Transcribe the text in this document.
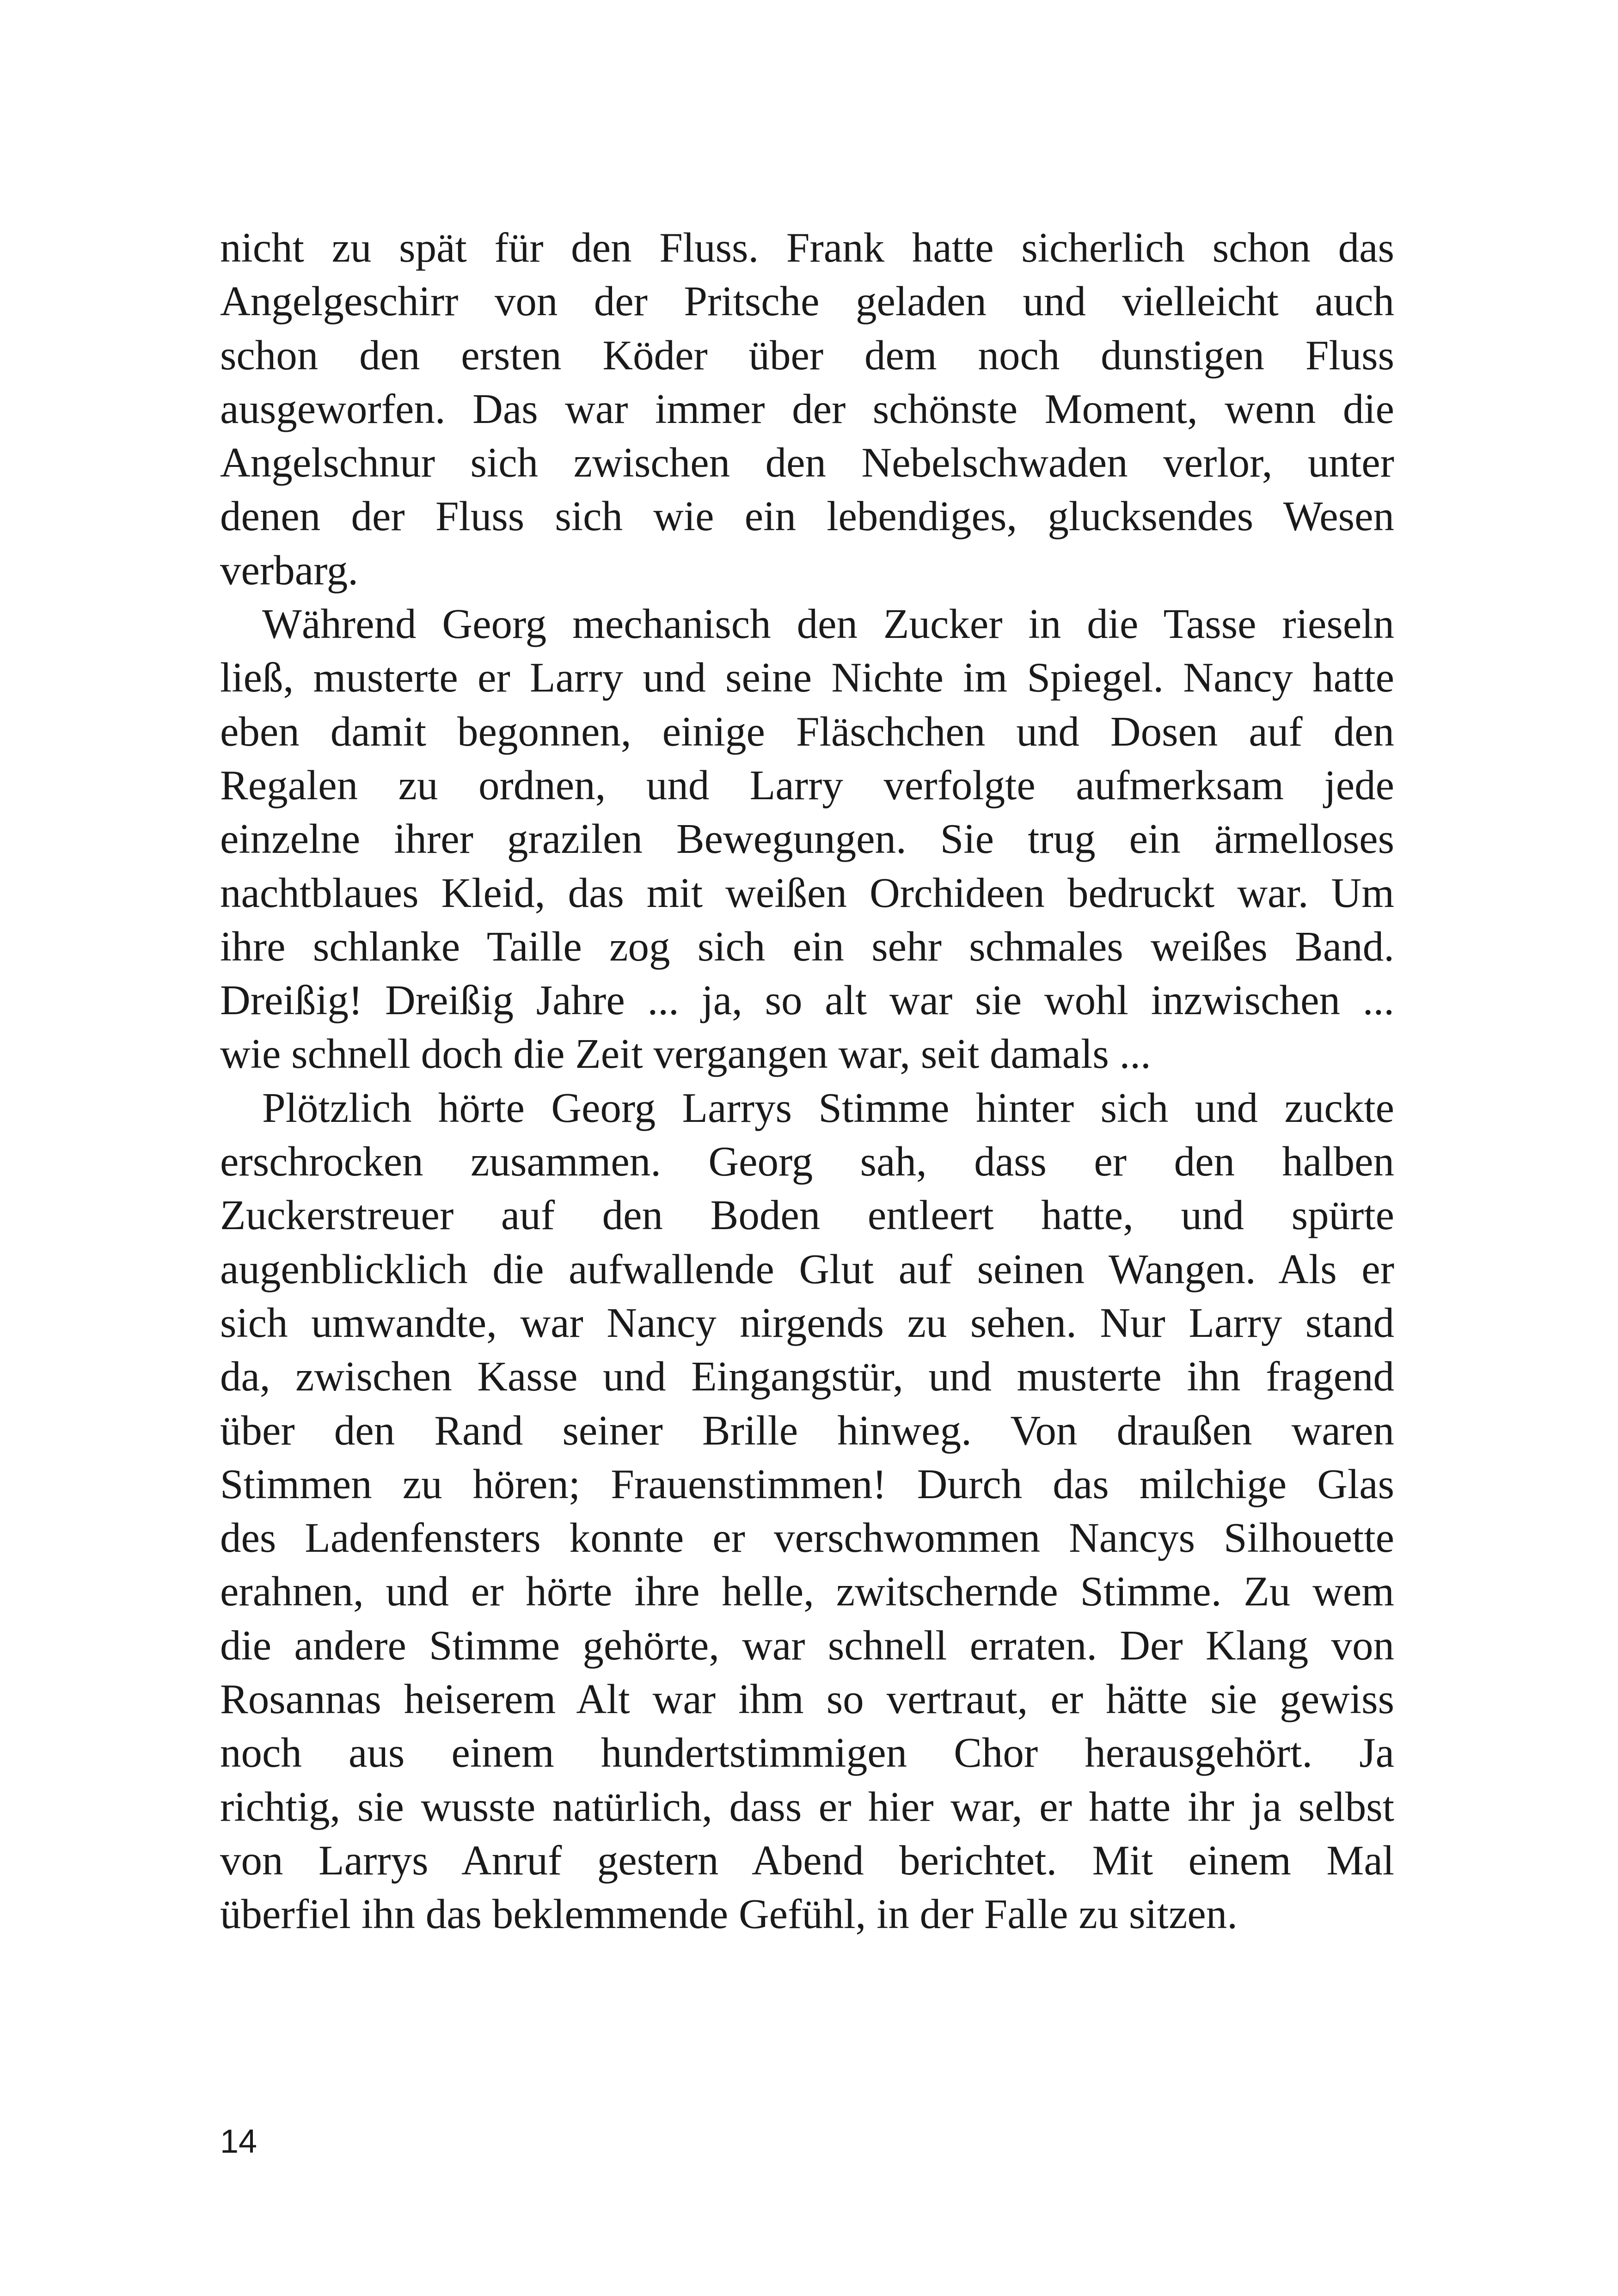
nicht zu spät für den Fluss. Frank hatte sicherlich schon das
Angelgeschirr von der Pritsche geladen und vielleicht auch
schon den ersten Köder über dem noch dunstigen Fluss
ausgeworfen. Das war immer der schönste Moment, wenn die
Angelschnur sich zwischen den Nebelschwaden verlor, unter
denen der Fluss sich wie ein lebendiges, glucksendes Wesen
verbarg.
Während Georg mechanisch den Zucker in die Tasse rieseln
ließ, musterte er Larry und seine Nichte im Spiegel. Nancy hatte
eben damit begonnen, einige Fläschchen und Dosen auf den
Regalen zu ordnen, und Larry verfolgte aufmerksam jede
einzelne ihrer grazilen Bewegungen. Sie trug ein ärmelloses
nachtblaues Kleid, das mit weißen Orchideen bedruckt war. Um
ihre schlanke Taille zog sich ein sehr schmales weißes Band.
Dreißig! Dreißig Jahre ... ja, so alt war sie wohl inzwischen ...
wie schnell doch die Zeit vergangen war, seit damals ...
Plötzlich hörte Georg Larrys Stimme hinter sich und zuckte
erschrocken zusammen. Georg sah, dass er den halben
Zuckerstreuer auf den Boden entleert hatte, und spürte
augenblicklich die aufwallende Glut auf seinen Wangen. Als er
sich umwandte, war Nancy nirgends zu sehen. Nur Larry stand
da, zwischen Kasse und Eingangstür, und musterte ihn fragend
über den Rand seiner Brille hinweg. Von draußen waren
Stimmen zu hören; Frauenstimmen! Durch das milchige Glas
des Ladenfensters konnte er verschwommen Nancys Silhouette
erahnen, und er hörte ihre helle, zwitschernde Stimme. Zu wem
die andere Stimme gehörte, war schnell erraten. Der Klang von
Rosannas heiserem Alt war ihm so vertraut, er hätte sie gewiss
noch aus einem hundertstimmigen Chor herausgehört. Ja
richtig, sie wusste natürlich, dass er hier war, er hatte ihr ja selbst
von Larrys Anruf gestern Abend berichtet. Mit einem Mal
überfiel ihn das beklemmende Gefühl, in der Falle zu sitzen.
14
